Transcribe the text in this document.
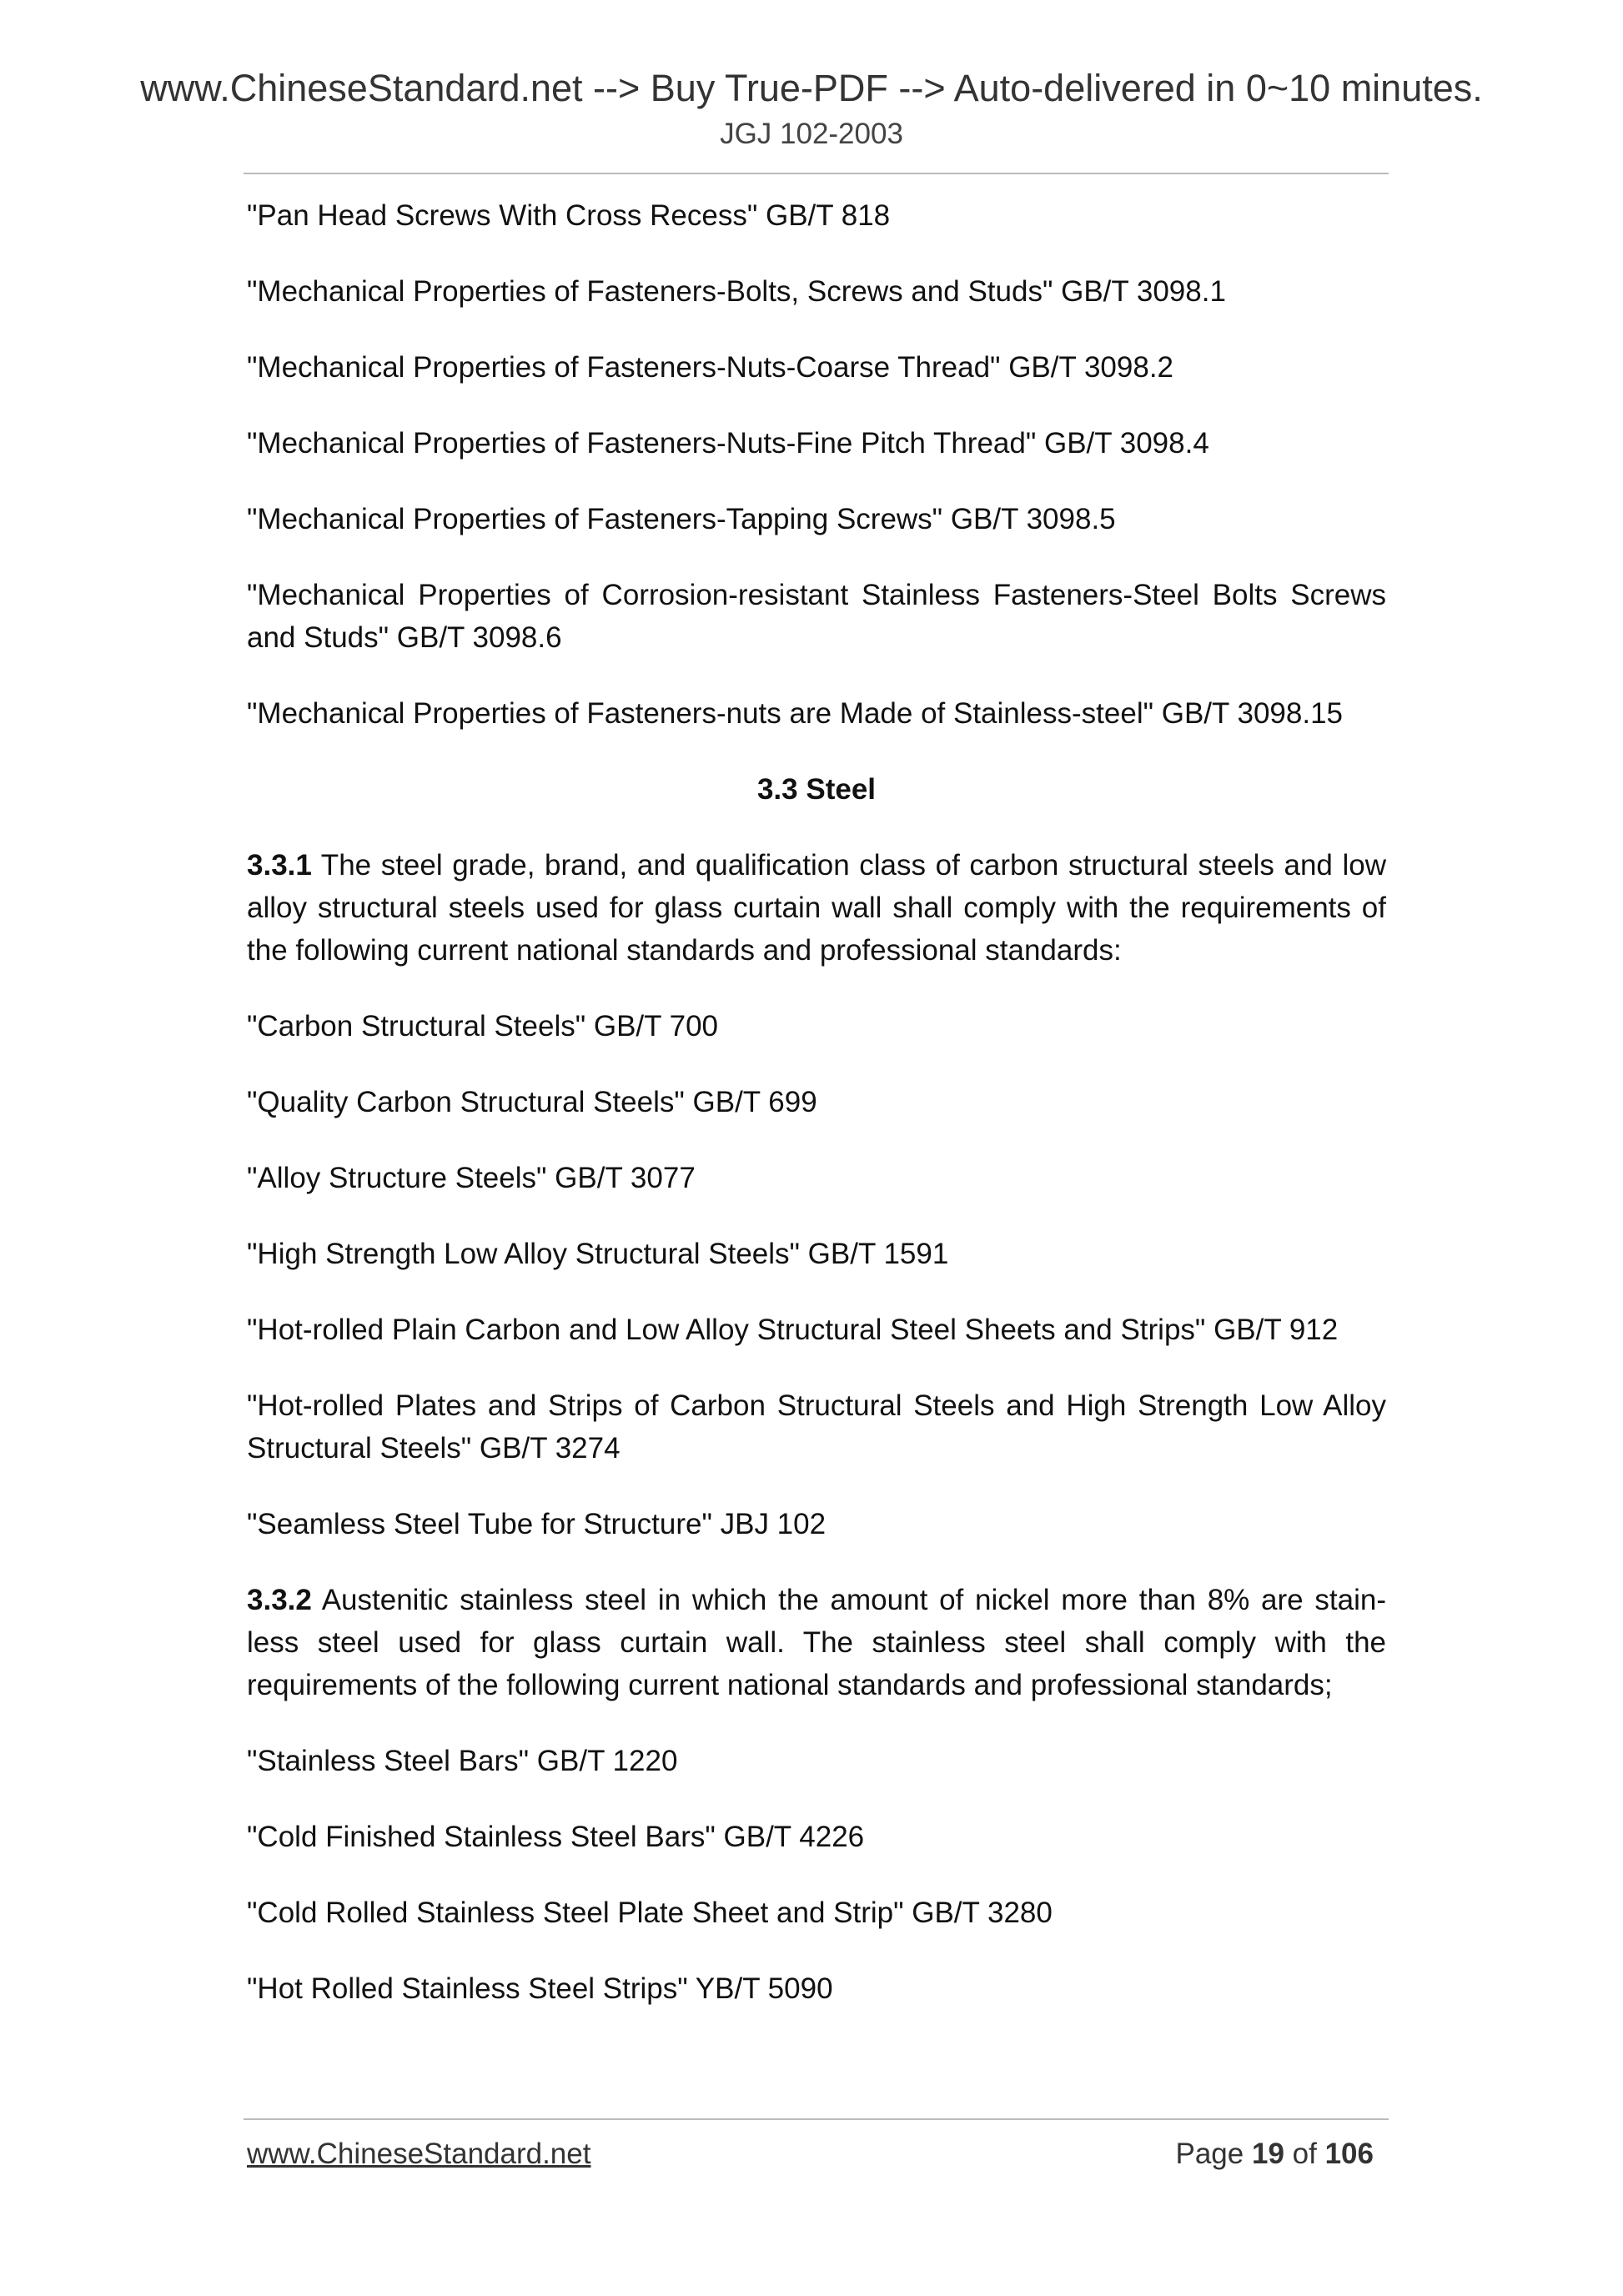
www.ChineseStandard.net --> Buy True-PDF --> Auto-delivered in 0~10 minutes.
JGJ 102-2003

"Pan Head Screws With Cross Recess" GB/T 818

"Mechanical Properties of Fasteners-Bolts, Screws and Studs" GB/T 3098.1

"Mechanical Properties of Fasteners-Nuts-Coarse Thread" GB/T 3098.2

"Mechanical Properties of Fasteners-Nuts-Fine Pitch Thread" GB/T 3098.4

"Mechanical Properties of Fasteners-Tapping Screws" GB/T 3098.5

"Mechanical Properties of Corrosion-resistant Stainless Fasteners-Steel Bolts Screws and Studs" GB/T 3098.6

"Mechanical Properties of Fasteners-nuts are Made of Stainless-steel" GB/T 3098.15

3.3 Steel

3.3.1 The steel grade, brand, and qualification class of carbon structural steels and low alloy structural steels used for glass curtain wall shall comply with the requirements of the following current national standards and professional standards:

"Carbon Structural Steels" GB/T 700

"Quality Carbon Structural Steels" GB/T 699

"Alloy Structure Steels" GB/T 3077

"High Strength Low Alloy Structural Steels" GB/T 1591

"Hot-rolled Plain Carbon and Low Alloy Structural Steel Sheets and Strips" GB/T 912

"Hot-rolled Plates and Strips of Carbon Structural Steels and High Strength Low Alloy Structural Steels" GB/T 3274

"Seamless Steel Tube for Structure" JBJ 102

3.3.2 Austenitic stainless steel in which the amount of nickel more than 8% are stain-less steel used for glass curtain wall. The stainless steel shall comply with the requirements of the following current national standards and professional standards;

"Stainless Steel Bars" GB/T 1220

"Cold Finished Stainless Steel Bars" GB/T 4226

"Cold Rolled Stainless Steel Plate Sheet and Strip" GB/T 3280

"Hot Rolled Stainless Steel Strips" YB/T 5090

www.ChineseStandard.net	Page 19 of 106
